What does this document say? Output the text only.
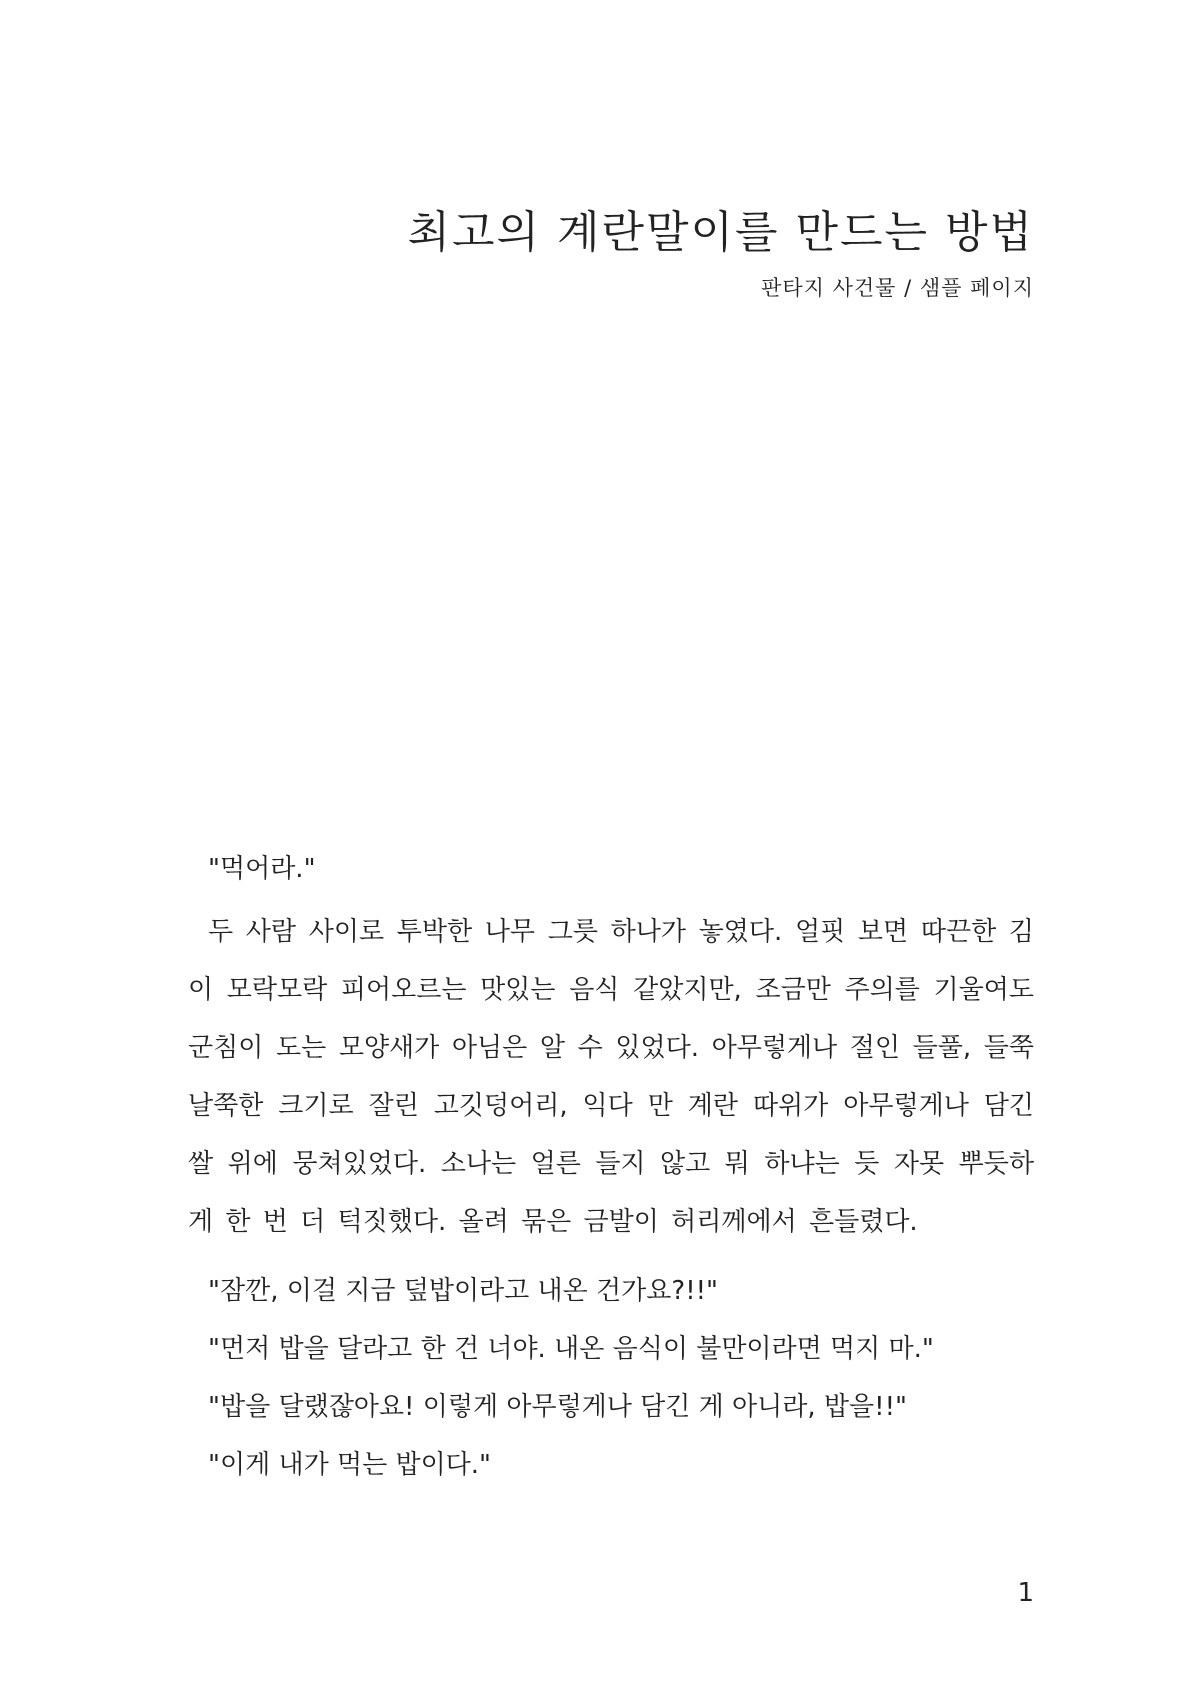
최고의 계란말이를 만드는 방법

판타지 사건물 / 샘플 페이지

"먹어라."

두 사람 사이로 투박한 나무 그릇 하나가 놓였다. 얼핏 보면 따끈한 김이 모락모락 피어오르는 맛있는 음식 같았지만, 조금만 주의를 기울여도 군침이 도는 모양새가 아님은 알 수 있었다. 아무렇게나 절인 들풀, 들쭉날쭉한 크기로 잘린 고깃덩어리, 익다 만 계란 따위가 아무렇게나 담긴 쌀 위에 뭉쳐있었다. 소나는 얼른 들지 않고 뭐 하냐는 듯 자못 뿌듯하게 한 번 더 턱짓했다. 올려 묶은 금발이 허리께에서 흔들렸다.

"잠깐, 이걸 지금 덮밥이라고 내온 건가요?!!"

"먼저 밥을 달라고 한 건 너야. 내온 음식이 불만이라면 먹지 마."

"밥을 달랬잖아요! 이렇게 아무렇게나 담긴 게 아니라, 밥을!!"

"이게 내가 먹는 밥이다."

1
